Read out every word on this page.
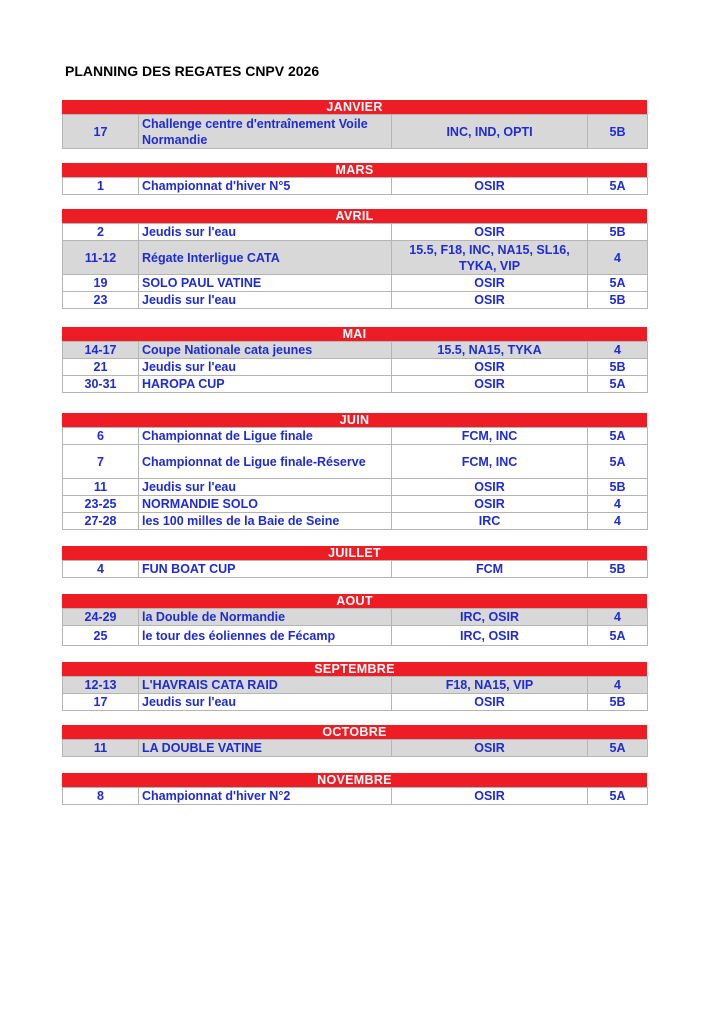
PLANNING DES REGATES CNPV 2026
JANVIER
17	Challenge centre d'entraînement Voile Normandie	INC, IND, OPTI	5B
MARS
1	Championnat d'hiver N°5	OSIR	5A
AVRIL
2	Jeudis sur l'eau	OSIR	5B
11-12	Régate Interligue CATA	15.5, F18, INC, NA15, SL16, TYKA, VIP	4
19	SOLO PAUL VATINE	OSIR	5A
23	Jeudis sur l'eau	OSIR	5B
MAI
14-17	Coupe Nationale cata jeunes	15.5, NA15, TYKA	4
21	Jeudis sur l'eau	OSIR	5B
30-31	HAROPA CUP	OSIR	5A
JUIN
6	Championnat de Ligue finale	FCM, INC	5A
7	Championnat de Ligue finale-Réserve	FCM, INC	5A
11	Jeudis sur l'eau	OSIR	5B
23-25	NORMANDIE SOLO	OSIR	4
27-28	les 100 milles de la Baie de Seine	IRC	4
JUILLET
4	FUN BOAT CUP	FCM	5B
AOUT
24-29	la Double de Normandie	IRC, OSIR	4
25	le tour des éoliennes de Fécamp	IRC, OSIR	5A
SEPTEMBRE
12-13	L'HAVRAIS CATA RAID	F18, NA15, VIP	4
17	Jeudis sur l'eau	OSIR	5B
OCTOBRE
11	LA DOUBLE VATINE	OSIR	5A
NOVEMBRE
8	Championnat d'hiver N°2	OSIR	5A
